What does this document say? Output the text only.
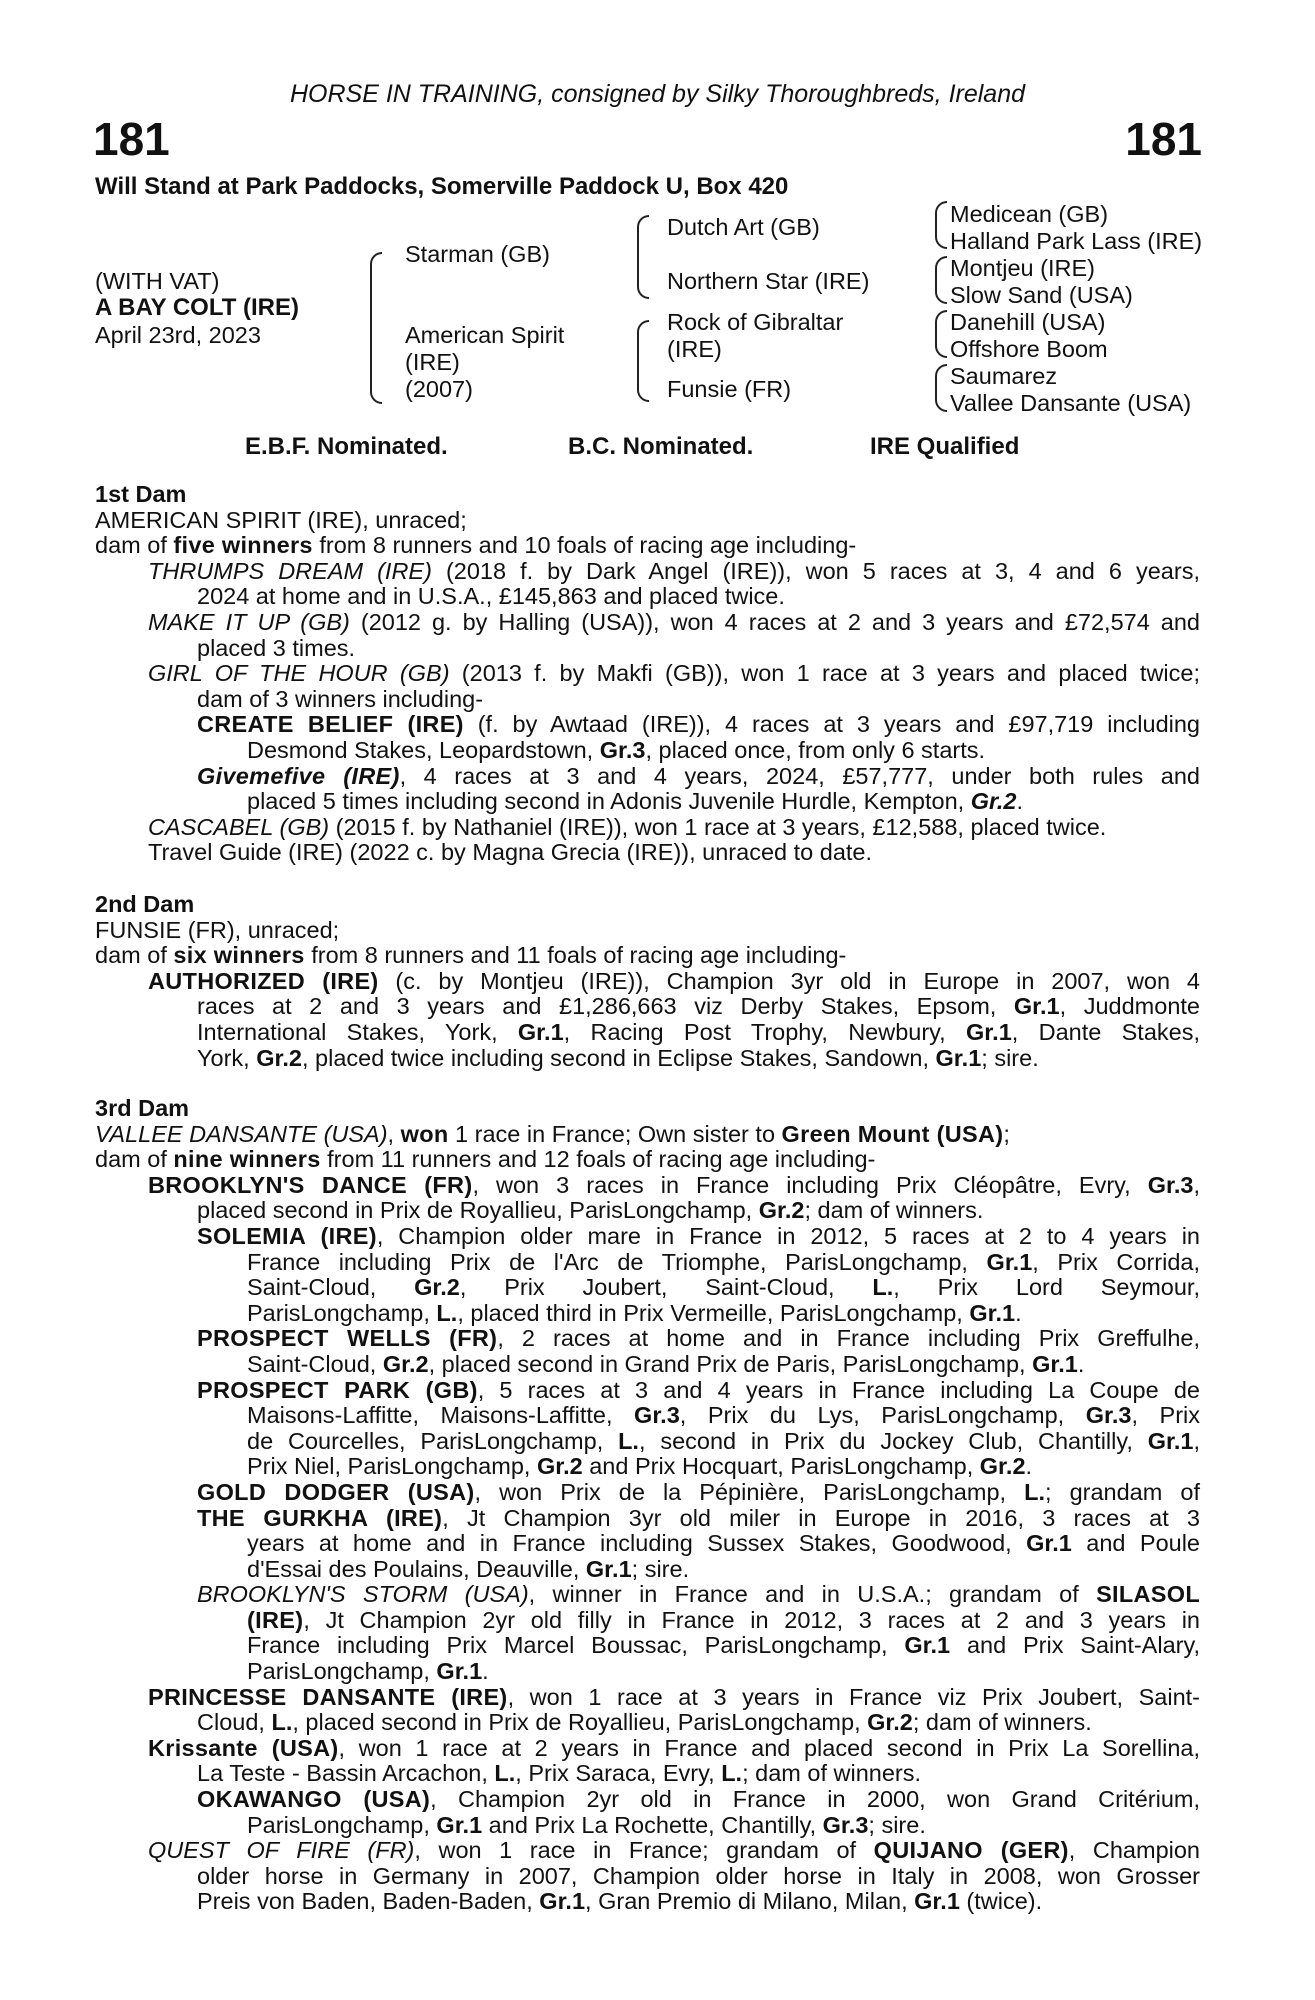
HORSE IN TRAINING, consigned by Silky Thoroughbreds, Ireland
181	181
Will Stand at Park Paddocks, Somerville Paddock U, Box 420
(WITH VAT)
A BAY COLT (IRE)
April 23rd, 2023
Starman (GB)
American Spirit
(IRE)
(2007)
Dutch Art (GB)
Northern Star (IRE)
Rock of Gibraltar
(IRE)
Funsie (FR)
Medicean (GB)
Halland Park Lass (IRE)
Montjeu (IRE)
Slow Sand (USA)
Danehill (USA)
Offshore Boom
Saumarez
Vallee Dansante (USA)
E.B.F. Nominated.	B.C. Nominated.	IRE Qualified
1st Dam
AMERICAN SPIRIT (IRE), unraced;
dam of five winners from 8 runners and 10 foals of racing age including-
THRUMPS DREAM (IRE) (2018 f. by Dark Angel (IRE)), won 5 races at 3, 4 and 6 years,
2024 at home and in U.S.A., £145,863 and placed twice.
MAKE IT UP (GB) (2012 g. by Halling (USA)), won 4 races at 2 and 3 years and £72,574 and
placed 3 times.
GIRL OF THE HOUR (GB) (2013 f. by Makfi (GB)), won 1 race at 3 years and placed twice;
dam of 3 winners including-
CREATE BELIEF (IRE) (f. by Awtaad (IRE)), 4 races at 3 years and £97,719 including
Desmond Stakes, Leopardstown, Gr.3, placed once, from only 6 starts.
Givemefive (IRE), 4 races at 3 and 4 years, 2024, £57,777, under both rules and
placed 5 times including second in Adonis Juvenile Hurdle, Kempton, Gr.2.
CASCABEL (GB) (2015 f. by Nathaniel (IRE)), won 1 race at 3 years, £12,588, placed twice.
Travel Guide (IRE) (2022 c. by Magna Grecia (IRE)), unraced to date.
2nd Dam
FUNSIE (FR), unraced;
dam of six winners from 8 runners and 11 foals of racing age including-
AUTHORIZED (IRE) (c. by Montjeu (IRE)), Champion 3yr old in Europe in 2007, won 4
races at 2 and 3 years and £1,286,663 viz Derby Stakes, Epsom, Gr.1, Juddmonte
International Stakes, York, Gr.1, Racing Post Trophy, Newbury, Gr.1, Dante Stakes,
York, Gr.2, placed twice including second in Eclipse Stakes, Sandown, Gr.1; sire.
3rd Dam
VALLEE DANSANTE (USA), won 1 race in France; Own sister to Green Mount (USA);
dam of nine winners from 11 runners and 12 foals of racing age including-
BROOKLYN'S DANCE (FR), won 3 races in France including Prix Cléopâtre, Evry, Gr.3,
placed second in Prix de Royallieu, ParisLongchamp, Gr.2; dam of winners.
SOLEMIA (IRE), Champion older mare in France in 2012, 5 races at 2 to 4 years in
France including Prix de l'Arc de Triomphe, ParisLongchamp, Gr.1, Prix Corrida,
Saint-Cloud, Gr.2, Prix Joubert, Saint-Cloud, L., Prix Lord Seymour,
ParisLongchamp, L., placed third in Prix Vermeille, ParisLongchamp, Gr.1.
PROSPECT WELLS (FR), 2 races at home and in France including Prix Greffulhe,
Saint-Cloud, Gr.2, placed second in Grand Prix de Paris, ParisLongchamp, Gr.1.
PROSPECT PARK (GB), 5 races at 3 and 4 years in France including La Coupe de
Maisons-Laffitte, Maisons-Laffitte, Gr.3, Prix du Lys, ParisLongchamp, Gr.3, Prix
de Courcelles, ParisLongchamp, L., second in Prix du Jockey Club, Chantilly, Gr.1,
Prix Niel, ParisLongchamp, Gr.2 and Prix Hocquart, ParisLongchamp, Gr.2.
GOLD DODGER (USA), won Prix de la Pépinière, ParisLongchamp, L.; grandam of
THE GURKHA (IRE), Jt Champion 3yr old miler in Europe in 2016, 3 races at 3
years at home and in France including Sussex Stakes, Goodwood, Gr.1 and Poule
d'Essai des Poulains, Deauville, Gr.1; sire.
BROOKLYN'S STORM (USA), winner in France and in U.S.A.; grandam of SILASOL
(IRE), Jt Champion 2yr old filly in France in 2012, 3 races at 2 and 3 years in
France including Prix Marcel Boussac, ParisLongchamp, Gr.1 and Prix Saint-Alary,
ParisLongchamp, Gr.1.
PRINCESSE DANSANTE (IRE), won 1 race at 3 years in France viz Prix Joubert, Saint-
Cloud, L., placed second in Prix de Royallieu, ParisLongchamp, Gr.2; dam of winners.
Krissante (USA), won 1 race at 2 years in France and placed second in Prix La Sorellina,
La Teste - Bassin Arcachon, L., Prix Saraca, Evry, L.; dam of winners.
OKAWANGO (USA), Champion 2yr old in France in 2000, won Grand Critérium,
ParisLongchamp, Gr.1 and Prix La Rochette, Chantilly, Gr.3; sire.
QUEST OF FIRE (FR), won 1 race in France; grandam of QUIJANO (GER), Champion
older horse in Germany in 2007, Champion older horse in Italy in 2008, won Grosser
Preis von Baden, Baden-Baden, Gr.1, Gran Premio di Milano, Milan, Gr.1 (twice).
